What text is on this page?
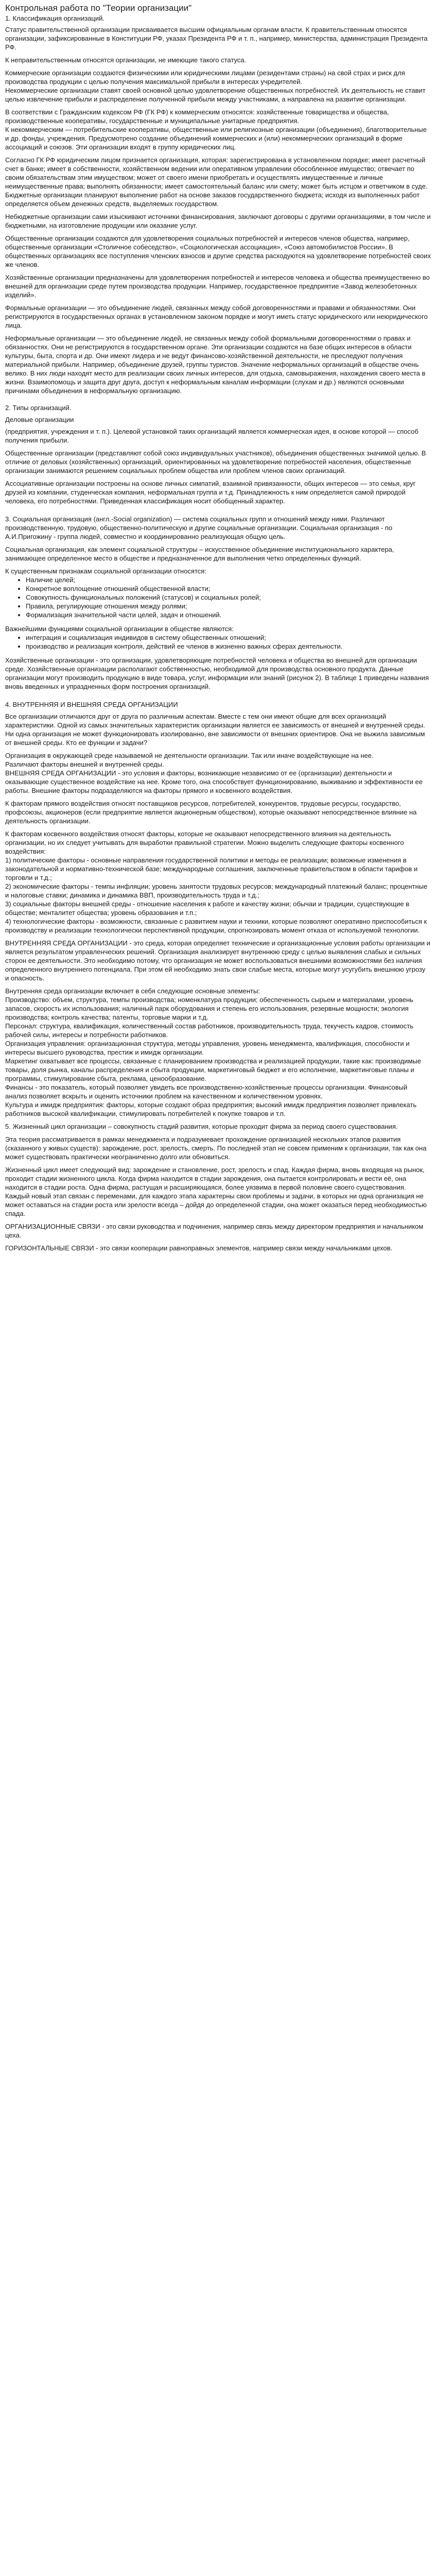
Контрольная работа по "Теории организации"
1. Классификация организаций.

Статус правительственной организации присваивается высшим официальным органам власти. К правительственным относятся организации, зафиксированные в Конституции РФ, указах Президента РФ и т. п., например, министерства, администрация Президента РФ.

К неправительственным относятся организации, не имеющие такого статуса.

Коммерческие организации создаются физическими или юридическими лицами (резидентами страны) на свой страх и риск для производства продукции с целью получения максимальной прибыли в интересах учредителей.

Некоммерческие организации ставят своей основной целью удовлетворение общественных потребностей. Их деятельность не ставит целью извлечение прибыли и распределение полученной прибыли между участниками, а направлена на развитие организации.

В соответствии с Гражданским кодексом РФ (ГК РФ) к коммерческим относятся: хозяйственные товарищества и общества, производственные кооперативы, государственные и муниципальные унитарные предприятия.

К некоммерческим — потребительские кооперативы, общественные или религиозные организации (объединения), благотворительные и др. фонды, учреждения. Предусмотрено создание объединений коммерческих и (или) некоммерческих организаций в форме ассоциаций и союзов. Эти организации входят в группу юридических лиц.

Согласно ГК РФ юридическим лицом признается организация, которая: зарегистрирована в установленном порядке; имеет расчетный счет в банке; имеет в собственности, хозяйственном ведении или оперативном управлении обособленное имущество; отвечает по своим обязательствам этим имуществом; может от своего имени приобретать и осуществлять имущественные и личные неимущественные права; выполнять обязанности; имеет самостоятельный баланс или смету; может быть истцом и ответчиком в суде.

Бюджетные организации планируют выполнение работ на основе заказов государственного бюджета; исходя из выполненных работ определяется объем денежных средств, выделяемых государством.

Небюджетные организации сами изыскивают источники финансирования, заключают договоры с другими организациями, в том числе и бюджетными, на изготовление продукции или оказание услуг.

Общественные организации создаются для удовлетворения социальных потребностей и интересов членов общества, например, общественные организации «Столичное собеседство», «Социологическая ассоциация», «Союз автомобилистов России». В общественных организациях все поступления членских взносов и другие средства расходуются на удовлетворение потребностей своих же членов.

Хозяйственные организации предназначены для удовлетворения потребностей и интересов человека и общества преимущественно во внешней для организации среде путем производства продукции. Например, государственное предприятие «Завод железобетонных изделий».

Формальные организации — это объединение людей, связанных между собой договоренностями и правами и обязанностями. Они регистрируются в государственных органах в установленном законом порядке и могут иметь статус юридического или неюридического лица.

Неформальные организации — это объединение людей, не связанных между собой формальными договоренностями о правах и обязанностях. Они не регистрируются в государственном органе. Эти организации создаются на базе общих интересов в области культуры, быта, спорта и др. Они имеют лидера и не ведут финансово-хозяйственной деятельности, не преследуют получения материальной прибыли. Например, объединение друзей, группы туристов. Значение неформальных организаций в обществе очень велико. В них люди находят место для реализации своих личных интересов, для отдыха, самовыражения, нахождения своего места в жизни. Взаимопомощь и защита друг друга, доступ к неформальным каналам информации (слухам и др.) являются основными причинами объединения в неформальную организацию.

2. Типы организаций.
Деловые организации

(предприятия, учреждения и т. п.). Целевой установкой таких организаций является коммерческая идея, в основе которой — способ получения прибыли.

Общественные организации (представляют собой союз индивидуальных участников), объединения общественных значимой целью. В отличие от деловых (хозяйственных) организаций, ориентированных на удовлетворение потребностей населения, общественные организации занимаются решением социальных проблем общества или проблем членов своих организаций.

Ассоциативные организации построены на основе личных симпатий, взаимной привязанности, общих интересов — это семья, круг друзей из компании, студенческая компания, неформальная группа и т.д. Принадлежность к ним определяется самой природой человека, его потребностями. Приведенная классификация носит обобщенный характер.

3. Социальная организация (англ.-Social organization) — система социальных групп и отношений между ними. Различают производственную, трудовую, общественно-политическую и другие социальные организации. Социальная организация - по А.И.Пригожину - группа людей, совместно и координированно реализующая общую цель.

Социальная организация, как элемент социальной структуры – искусственное объединение институционального характера, занимающее определенное место в обществе и предназначенное для выполнения четко определенных функций.

К существенным признакам социальной организации относятся:

• Наличие целей;
• Конкретное воплощение отношений общественной власти;
• Совокупность функциональных положений (статусов) и социальных ролей;
• Правила, регулирующие отношения между ролями;
• Формализация значительной части целей, задач и отношений.

Важнейшими функциями социальной организации в обществе являются:

• интеграция и социализация индивидов в систему общественных отношений;
• производство и реализация контроля, действий ее членов в жизненно важных сферах деятельности.

Хозяйственные организации - это организации, удовлетворяющие потребностей человека и общества во внешней для организации среде. Хозяйственные организации располагают собственностью, необходимой для производства основного продукта. Данные организации могут производить продукцию в виде товара, услуг, информации или знаний (рисунок 2). В таблице 1 приведены названия вновь введенных и упраздненных форм построения организаций.

4. ВНУТРЕННЯЯ И ВНЕШНЯЯ СРЕДА ОРГАНИЗАЦИИ

Все организации отличаются друг от друга по различным аспектам. Вместе с тем они имеют общие для всех организаций характеристики. Одной из самых значительных характеристик организации является ее зависимость от внешней и внутренней среды. Ни одна организация не может функционировать изолированно, вне зависимости от внешних ориентиров. Она не выжила зависимым от внешней среды. Кто ее функции и задачи?

Организация в окружающей среде называемой не деятельности организации. Так или иначе воздействующие на нее.

Различают факторы внешней и внутренней среды.

ВНЕШНЯЯ СРЕДА ОРГАНИЗАЦИИ - это условия и факторы, возникающие независимо от ее (организации) деятельности и оказывающие существенное воздействие на нее. Кроме того, она способствует функционированию, выживанию и эффективности ее работы. Внешние факторы подразделяются на факторы прямого и косвенного воздействия.

К факторам прямого воздействия относят поставщиков ресурсов, потребителей, конкурентов, трудовые ресурсы, государство, профсоюзы, акционеров (если предприятие является акционерным обществом), которые оказывают непосредственное влияние на деятельность организации.

К факторам косвенного воздействия относят факторы, которые не оказывают непосредственного влияния на деятельность организации, но их следует учитывать для выработки правильной стратегии. Можно выделить следующие факторы косвенного воздействия:

1) политические факторы - основные направления государственной политики и методы ее реализации; возможные изменения в законодательной и нормативно-технической базе; международные соглашения, заключенные правительством в области тарифов и торговли и т.д.;

2) экономические факторы - темпы инфляции; уровень занятости трудовых ресурсов; международный платежный баланс; процентные и налоговые ставки; динамика и динамика ВВП, производительность труда и т.д.;

3) социальные факторы внешней среды - отношение населения к работе и качеству жизни; обычаи и традиции, существующие в обществе; менталитет общества; уровень образования и т.п.;

4) технологические факторы - возможности, связанные с развитием науки и техники, которые позволяют оперативно приспособиться к производству и реализации технологически перспективной продукции, спрогнозировать момент отказа от используемой технологии.

ВНУТРЕННЯЯ СРЕДА ОРГАНИЗАЦИИ - это среда, которая определяет технические и организационные условия работы организации и является результатом управленческих решений. Организация анализирует внутреннюю среду с целью выявления слабых и сильных сторон ее деятельности. Это необходимо потому, что организация не может воспользоваться внешними возможностями без наличия определенного внутреннего потенциала. При этом ей необходимо знать свои слабые места, которые могут усугубить внешнюю угрозу и опасность.

Внутренняя среда организации включает в себя следующие основные элементы:

Производство: объем, структура, темпы производства; номенклатура продукции; обеспеченность сырьем и материалами, уровень запасов, скорость их использования; наличный парк оборудования и степень его использования, резервные мощности; экология производства; контроль качества; патенты, торговые марки и т.д.

Персонал: структура, квалификация, количественный состав работников, производительность труда, текучесть кадров, стоимость рабочей силы, интересы и потребности работников.

Организация управления: организационная структура, методы управления, уровень менеджмента, квалификация, способности и интересы высшего руководства, престиж и имидж организации.

Маркетинг охватывает все процессы, связанные с планированием производства и реализацией продукции, такие как: производимые товары, доля рынка, каналы распределения и сбыта продукции, маркетинговый бюджет и его исполнение, маркетинговые планы и программы, стимулирование сбыта, реклама, ценообразование.

Финансы - это показатель, который позволяет увидеть все производственно-хозяйственные процессы организации. Финансовый анализ позволяет вскрыть и оценить источники проблем на качественном и количественном уровнях.

Культура и имидж предприятия: факторы, которые создают образ предприятия; высокий имидж предприятия позволяет привлекать работников высокой квалификации, стимулировать потребителей к покупке товаров и т.п.

5. Жизненный цикл организации – совокупность стадий развития, которые проходит фирма за период своего существования.

Эта теория рассматривается в рамках менеджмента и подразумевает прохождение организацией нескольких этапов развития (сказанного у живых существ): зарождение, рост, зрелость, смерть. По последней этап не совсем применим к организации, так как она может существовать практически неограниченно долго или обновиться.

Жизненный цикл имеет следующий вид: зарождение и становление, рост, зрелость и спад. Каждая фирма, вновь входящая на рынок, проходит стадии жизненного цикла. Когда фирма находится в стадии зарождения, она пытается контролировать и вести её, она находится в стадии роста. Одна фирма, растущая и расширяющаяся, более уязвима в первой половине своего существования. Каждый новый этап связан с переменами, для каждого этапа характерны свои проблемы и задачи, в которых ни одна организация не может оставаться на стадии роста или зрелости всегда – дойдя до определенной стадии, она может оказаться перед необходимостью спада.

ОРГАНИЗАЦИОННЫЕ СВЯЗИ - это связи руководства и подчинения, например связь между директором предприятия и начальником цеха.

ГОРИЗОНТАЛЬНЫЕ СВЯЗИ - это связи кооперации равноправных элементов, например связи между начальниками цехов.
